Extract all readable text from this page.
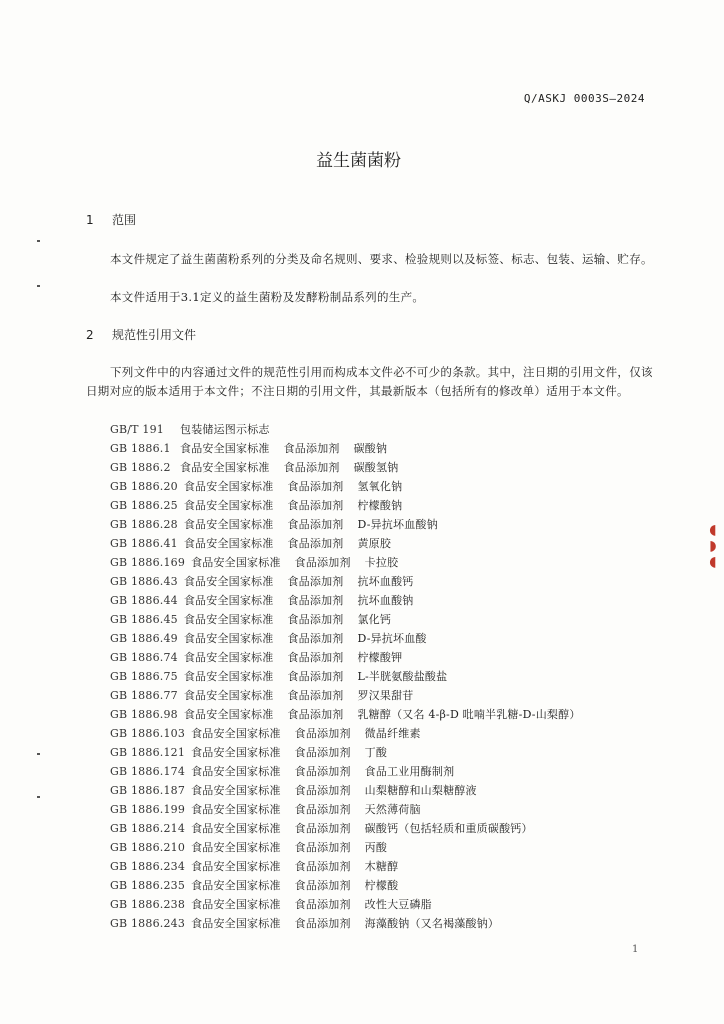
Q/ASKJ 0003S—2024
益生菌菌粉
1 范围
本文件规定了益生菌菌粉系列的分类及命名规则、要求、检验规则以及标签、标志、包装、运输、贮存。
本文件适用于3.1定义的益生菌粉及发酵粉制品系列的生产。
2 规范性引用文件
下列文件中的内容通过文件的规范性引用而构成本文件必不可少的条款。其中，注日期的引用文件，仅该日期对应的版本适用于本文件；不注日期的引用文件，其最新版本（包括所有的修改单）适用于本文件。
GB/T 191 包装储运图示标志
GB 1886.1 食品安全国家标准 食品添加剂 碳酸钠
GB 1886.2 食品安全国家标准 食品添加剂 碳酸氢钠
GB 1886.20 食品安全国家标准 食品添加剂 氢氧化钠
GB 1886.25 食品安全国家标准 食品添加剂 柠檬酸钠
GB 1886.28 食品安全国家标准 食品添加剂 D-异抗坏血酸钠
GB 1886.41 食品安全国家标准 食品添加剂 黄原胶
GB 1886.169 食品安全国家标准 食品添加剂 卡拉胶
GB 1886.43 食品安全国家标准 食品添加剂 抗坏血酸钙
GB 1886.44 食品安全国家标准 食品添加剂 抗坏血酸钠
GB 1886.45 食品安全国家标准 食品添加剂 氯化钙
GB 1886.49 食品安全国家标准 食品添加剂 D-异抗坏血酸
GB 1886.74 食品安全国家标准 食品添加剂 柠檬酸钾
GB 1886.75 食品安全国家标准 食品添加剂 L-半胱氨酸盐酸盐
GB 1886.77 食品安全国家标准 食品添加剂 罗汉果甜苷
GB 1886.98 食品安全国家标准 食品添加剂 乳糖醇（又名 4-β-D 吡喃半乳糖-D-山梨醇）
GB 1886.103 食品安全国家标准 食品添加剂 微晶纤维素
GB 1886.121 食品安全国家标准 食品添加剂 丁酸
GB 1886.174 食品安全国家标准 食品添加剂 食品工业用酶制剂
GB 1886.187 食品安全国家标准 食品添加剂 山梨糖醇和山梨糖醇液
GB 1886.199 食品安全国家标准 食品添加剂 天然薄荷脑
GB 1886.214 食品安全国家标准 食品添加剂 碳酸钙（包括轻质和重质碳酸钙）
GB 1886.210 食品安全国家标准 食品添加剂 丙酸
GB 1886.234 食品安全国家标准 食品添加剂 木糖醇
GB 1886.235 食品安全国家标准 食品添加剂 柠檬酸
GB 1886.238 食品安全国家标准 食品添加剂 改性大豆磷脂
GB 1886.243 食品安全国家标准 食品添加剂 海藻酸钠（又名褐藻酸钠）
1
◖◗◖
